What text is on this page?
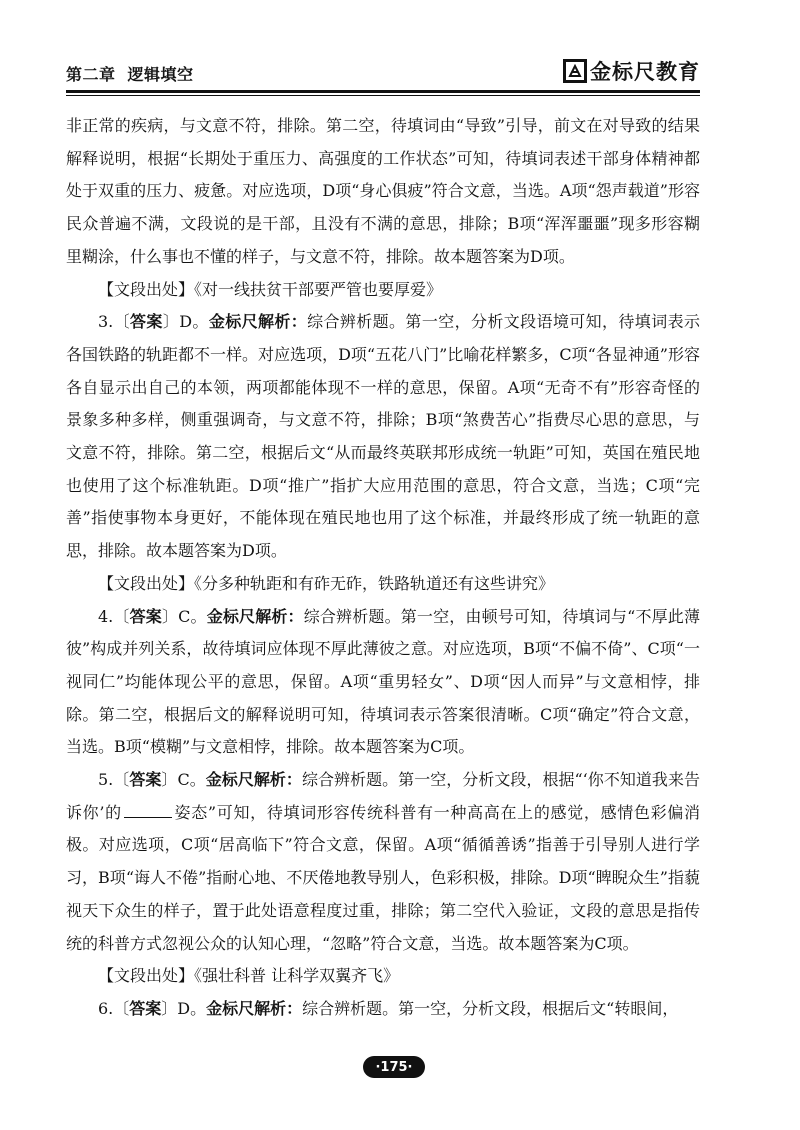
第二章 逻辑填空	金标尺教育

非正常的疾病，与文意不符，排除。第二空，待填词由“导致”引导，前文在对导致的结果解释说明，根据“长期处于重压力、高强度的工作状态”可知，待填词表述干部身体精神都处于双重的压力、疲惫。对应选项，D项“身心俱疲”符合文意，当选。A项“怨声载道”形容民众普遍不满，文段说的是干部，且没有不满的意思，排除；B项“浑浑噩噩”现多形容糊里糊涂，什么事也不懂的样子，与文意不符，排除。故本题答案为D项。

【文段出处】《对一线扶贫干部要严管也要厚爱》

3.〔答案〕D。金标尺解析：综合辨析题。第一空，分析文段语境可知，待填词表示各国铁路的轨距都不一样。对应选项，D项“五花八门”比喻花样繁多，C项“各显神通”形容各自显示出自己的本领，两项都能体现不一样的意思，保留。A项“无奇不有”形容奇怪的景象多种多样，侧重强调奇，与文意不符，排除；B项“煞费苦心”指费尽心思的意思，与文意不符，排除。第二空，根据后文“从而最终英联邦形成统一轨距”可知，英国在殖民地也使用了这个标准轨距。D项“推广”指扩大应用范围的意思，符合文意，当选；C项“完善”指使事物本身更好，不能体现在殖民地也用了这个标准，并最终形成了统一轨距的意思，排除。故本题答案为D项。

【文段出处】《分多种轨距和有砟无砟，铁路轨道还有这些讲究》

4.〔答案〕C。金标尺解析：综合辨析题。第一空，由顿号可知，待填词与“不厚此薄彼”构成并列关系，故待填词应体现不厚此薄彼之意。对应选项，B项“不偏不倚”、C项“一视同仁”均能体现公平的意思，保留。A项“重男轻女”、D项“因人而异”与文意相悖，排除。第二空，根据后文的解释说明可知，待填词表示答案很清晰。C项“确定”符合文意，当选。B项“模糊”与文意相悖，排除。故本题答案为C项。

5.〔答案〕C。金标尺解析：综合辨析题。第一空，分析文段，根据“‘你不知道我来告诉你’的	姿态”可知，待填词形容传统科普有一种高高在上的感觉，感情色彩偏消极。对应选项，C项“居高临下”符合文意，保留。A项“循循善诱”指善于引导别人进行学习，B项“诲人不倦”指耐心地、不厌倦地教导别人，色彩积极，排除。D项“睥睨众生”指藐视天下众生的样子，置于此处语意程度过重，排除；第二空代入验证，文段的意思是指传统的科普方式忽视公众的认知心理，“忽略”符合文意，当选。故本题答案为C项。

【文段出处】《强壮科普 让科学双翼齐飞》

6.〔答案〕D。金标尺解析：综合辨析题。第一空，分析文段，根据后文“转眼间，

·175·
